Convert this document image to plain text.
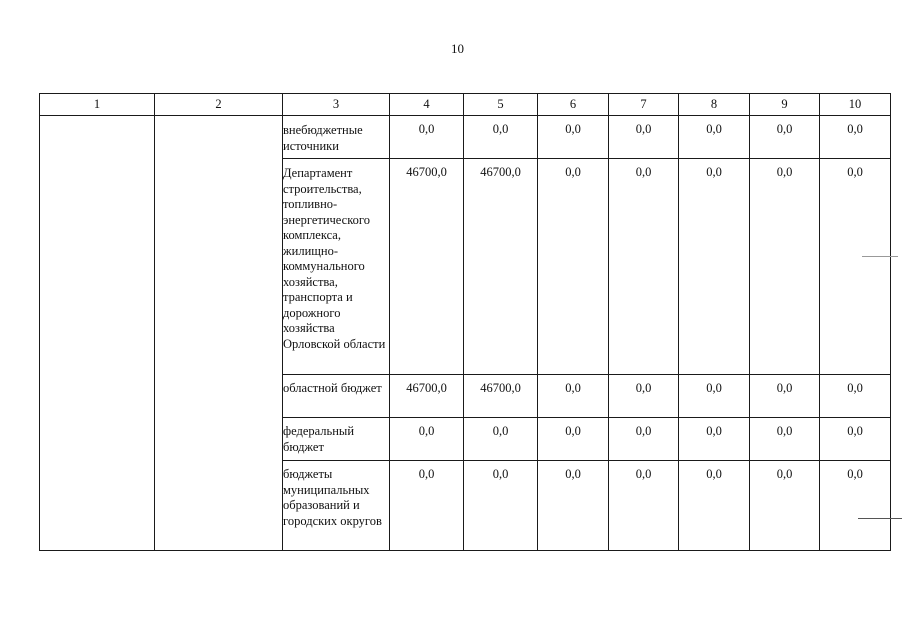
10
1	2	3	4	5	6	7	8	9	10
		внебюджетные источники	0,0	0,0	0,0	0,0	0,0	0,0	0,0
		Департамент строительства, топливно-энергетического комплекса, жилищно-коммунального хозяйства, транспорта и дорожного хозяйства Орловской области	46700,0	46700,0	0,0	0,0	0,0	0,0	0,0
		областной бюджет	46700,0	46700,0	0,0	0,0	0,0	0,0	0,0
		федеральный бюджет	0,0	0,0	0,0	0,0	0,0	0,0	0,0
		бюджеты муниципальных образований и городских округов	0,0	0,0	0,0	0,0	0,0	0,0	0,0
